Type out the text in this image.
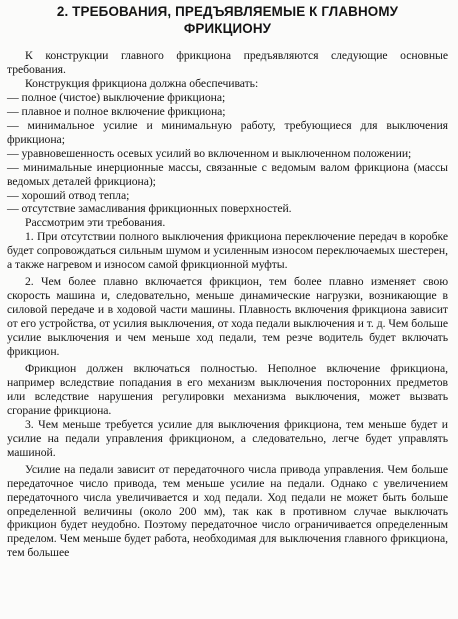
2. ТРЕБОВАНИЯ, ПРЕДЪЯВЛЯЕМЫЕ К ГЛАВНОМУ
ФРИКЦИОНУ

К конструкции главного фрикциона предъявляются следующие основные требования.

Конструкция фрикциона должна обеспечивать:

— полное (чистое) выключение фрикциона;

— плавное и полное включение фрикциона;

— минимальное усилие и минимальную работу, требующиеся для выключения фрикциона;

— уравновешенность осевых усилий во включенном и выключенном положении;

— минимальные инерционные массы, связанные с ведомым валом фрикциона (массы ведомых деталей фрикциона);

— хороший отвод тепла;

— отсутствие замасливания фрикционных поверхностей.

Рассмотрим эти требования.

1. При отсутствии полного выключения фрикциона переключение передач в коробке будет сопровождаться сильным шумом и усиленным износом переключаемых шестерен, а также нагревом и износом самой фрикционной муфты.

2. Чем более плавно включается фрикцион, тем более плавно изменяет свою скорость машина и, следовательно, меньше динамические нагрузки, возникающие в силовой передаче и в ходовой части машины. Плавность включения фрикциона зависит от его устройства, от усилия выключения, от хода педали выключения и т. д. Чем больше усилие выключения и чем меньше ход педали, тем резче водитель будет включать фрикцион.

Фрикцион должен включаться полностью. Неполное включение фрикциона, например вследствие попадания в его механизм выключения посторонних предметов или вследствие нарушения регулировки механизма выключения, может вызвать сгорание фрикциона.

3. Чем меньше требуется усилие для выключения фрикциона, тем меньше будет и усилие на педали управления фрикционом, а следовательно, легче будет управлять машиной.

Усилие на педали зависит от передаточного числа привода управления. Чем больше передаточное число привода, тем меньше усилие на педали. Однако с увеличением передаточного числа увеличивается и ход педали. Ход педали не может быть больше определенной величины (около 200 мм), так как в противном случае выключать фрикцион будет неудобно. Поэтому передаточное число ограничивается определенным пределом. Чем меньше будет работа, необходимая для выключения главного фрикциона, тем большее
